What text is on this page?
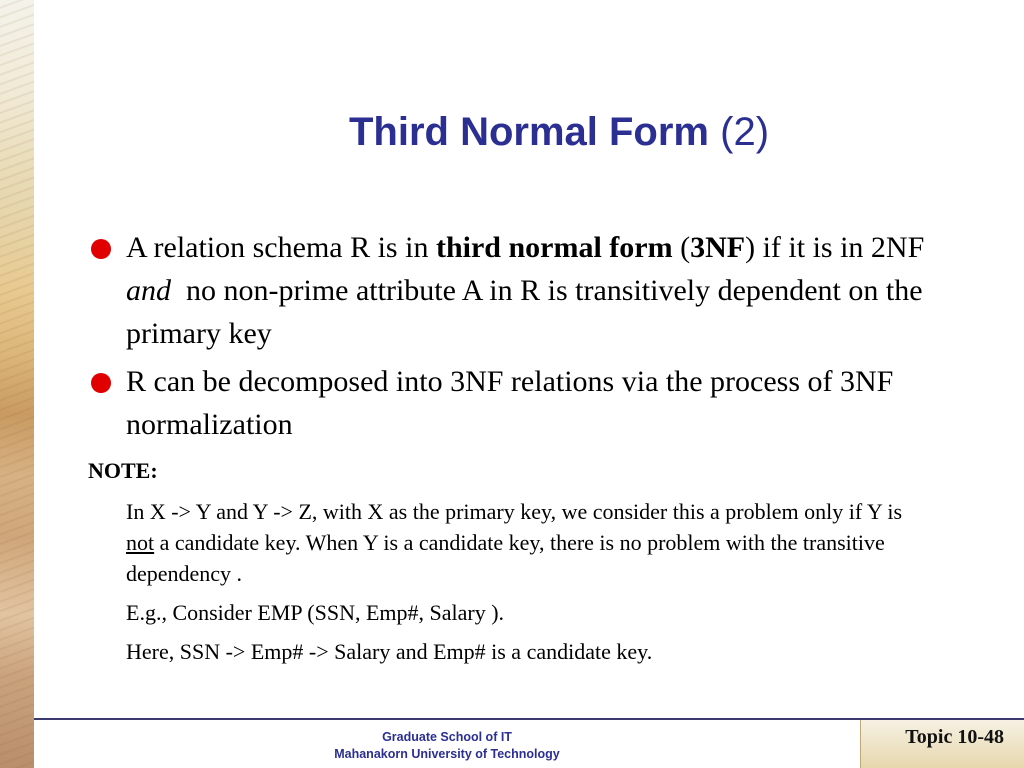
Third Normal Form (2)
A relation schema R is in third normal form (3NF) if it is in 2NF and  no non-prime attribute A in R is transitively dependent on the primary key
R can be decomposed into 3NF relations via the process of 3NF normalization
NOTE:

In X -> Y and Y -> Z, with X as the primary key, we consider this a problem only if Y is not a candidate key. When Y is a candidate key, there is no problem with the transitive dependency .

E.g., Consider EMP (SSN, Emp#, Salary ).

Here, SSN -> Emp# -> Salary and Emp# is a candidate key.

Graduate School of IT
Mahanakorn University of Technology
Topic 10-48
